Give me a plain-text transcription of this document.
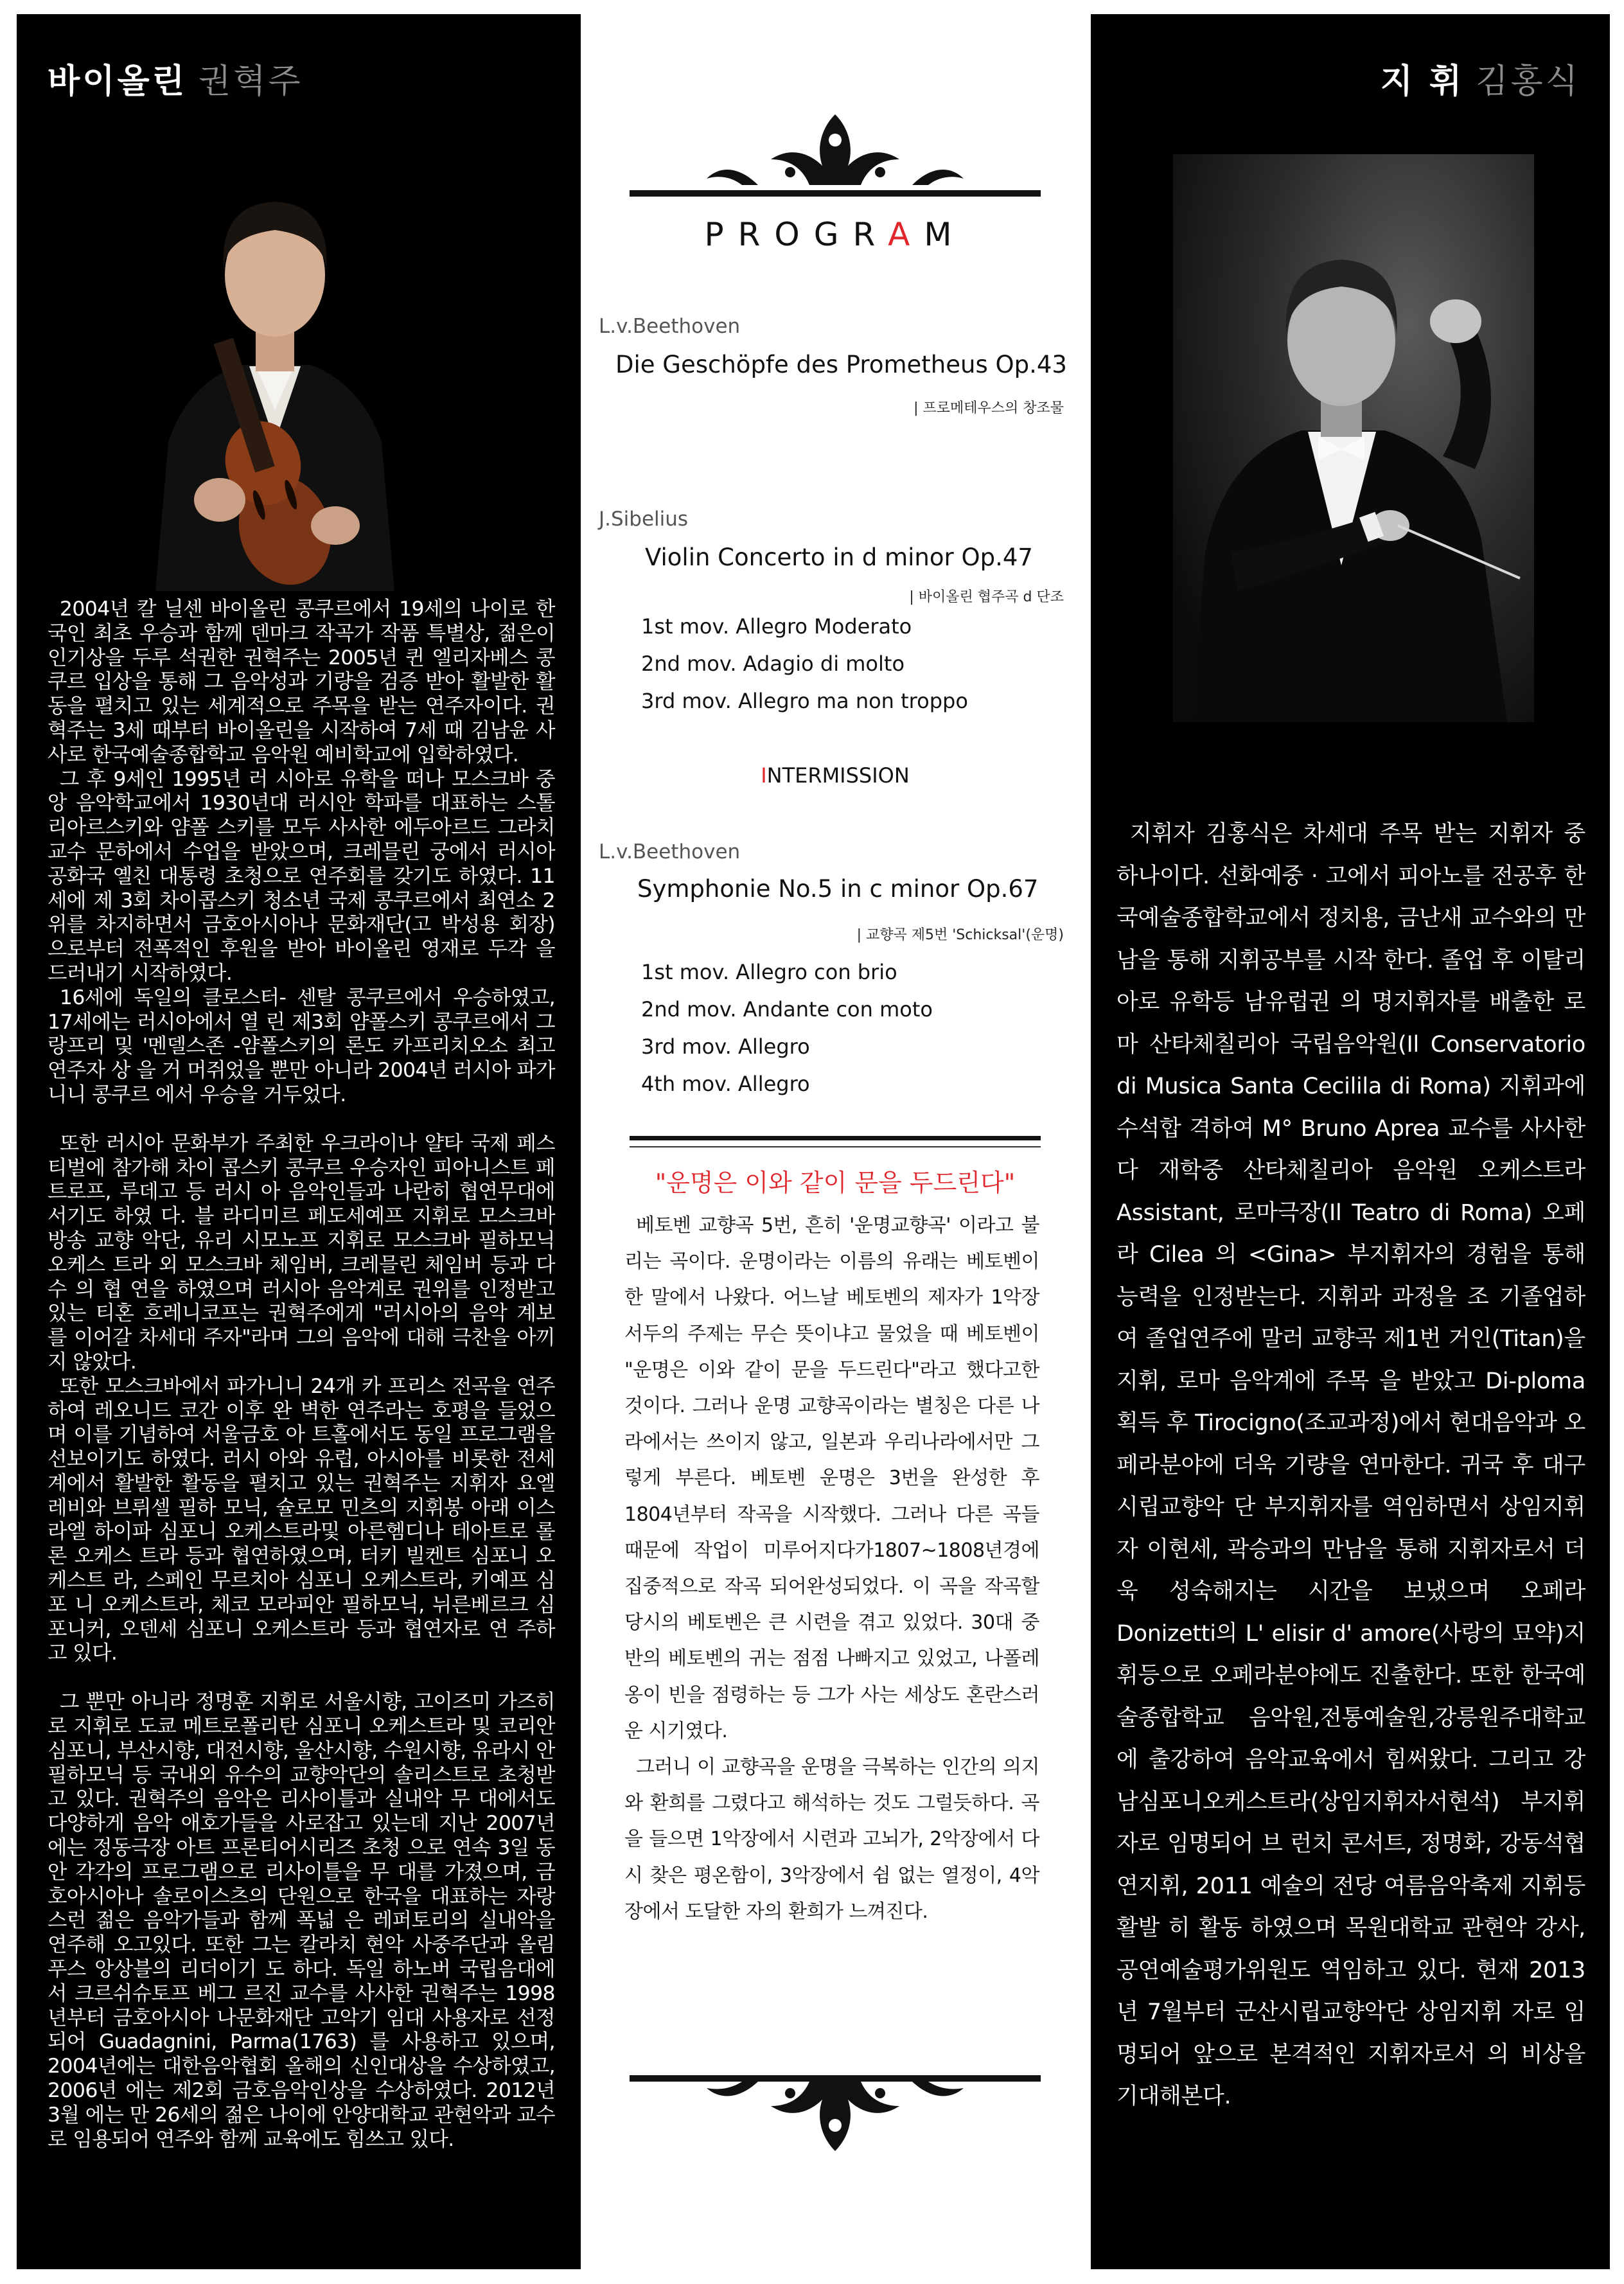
바이올린 권혁주

2004년 칼 닐센 바이올린 콩쿠르에서 19세의 나이로 한국인 최초 우승과 함께 덴마크 작곡가 작품 특별상, 젊은이 인기상을 두루 석권한 권혁주는 2005년 퀸 엘리자베스 콩쿠르 입상을 통해 그 음악성과 기량을 검증 받아 활발한 활동을 펼치고 있는 세계적으로 주목을 받는 연주자이다. 권혁주는 3세 때부터 바이올린을 시작하여 7세 때 김남윤 사사로 한국예술종합학교 음악원 예비학교에 입학하였다.

그 후 9세인 1995년 러 시아로 유학을 떠나 모스크바 중앙 음악학교에서 1930년대 러시안 학파를 대표하는 스톨리아르스키와 얌폴 스키를 모두 사사한 에두아르드 그라치 교수 문하에서 수업을 받았으며, 크레믈린 궁에서 러시아 공화국 옐친 대통령 초청으로 연주회를 갖기도 하였다. 11세에 제 3회 차이콥스키 청소년 국제 콩쿠르에서 최연소 2위를 차지하면서 금호아시아나 문화재단(고 박성용 회장) 으로부터 전폭적인 후원을 받아 바이올린 영재로 두각 을 드러내기 시작하였다.

16세에 독일의 클로스터- 센탈 콩쿠르에서 우승하였고, 17세에는 러시아에서 열 린 제3회 얌폴스키 콩쿠르에서 그랑프리 및 '멘델스존 -얌폴스키의 론도 카프리치오소 최고 연주자 상 을 거 머쥐었을 뿐만 아니라 2004년 러시아 파가니니 콩쿠르 에서 우승을 거두었다.

또한 러시아 문화부가 주최한 우크라이나 얄타 국제 페스티벌에 참가해 차이 콥스키 콩쿠르 우승자인 피아니스트 페트로프, 루데고 등 러시 아 음악인들과 나란히 협연무대에 서기도 하였 다. 블 라디미르 페도세예프 지휘로 모스크바 방송 교향 악단, 유리 시모노프 지휘로 모스크바 필하모닉 오케스 트라 외 모스크바 체임버, 크레믈린 체임버 등과 다수 의 협 연을 하였으며 러시아 음악계로 권위를 인정받고 있는 티혼 흐레니코프는 권혁주에게 "러시아의 음악 계보 를 이어갈 차세대 주자"라며 그의 음악에 대해 극찬을 아끼지 않았다.

또한 모스크바에서 파가니니 24개 카 프리스 전곡을 연주하여 레오니드 코간 이후 완 벽한 연주라는 호평을 들었으며 이를 기념하여 서울금호 아 트홀에서도 동일 프로그램을 선보이기도 하였다. 러시 아와 유럽, 아시아를 비롯한 전세계에서 활발한 활동을 펼치고 있는 권혁주는 지휘자 요엘 레비와 브뤼셀 필하 모닉, 슐로모 민츠의 지휘봉 아래 이스라엘 하이파 심포니 오케스트라및 아른헴디나 테아트로 롤론 오케스 트라 등과 협연하였으며, 터키 빌켄트 심포니 오케스트 라, 스페인 무르치아 심포니 오케스트라, 키예프 심포 니 오케스트라, 체코 모라피안 필하모닉, 뉘른베르크 심포니커, 오덴세 심포니 오케스트라 등과 협연자로 연 주하고 있다.

그 뿐만 아니라 정명훈 지휘로 서울시향, 고이즈미 가즈히로 지휘로 도쿄 메트로폴리탄 심포니 오케스트라 및 코리안 심포니, 부산시향, 대전시향, 울산시향, 수원시향, 유라시 안 필하모닉 등 국내외 유수의 교향악단의 솔리스트로 초청받고 있다. 권혁주의 음악은 리사이틀과 실내악 무 대에서도 다양하게 음악 애호가들을 사로잡고 있는데 지난 2007년에는 정동극장 아트 프론티어시리즈 초청 으로 연속 3일 동안 각각의 프로그램으로 리사이틀을 무 대를 가졌으며, 금호아시아나 솔로이스츠의 단원으로 한국을 대표하는 자랑스런 젊은 음악가들과 함께 폭넓 은 레퍼토리의 실내악을 연주해 오고있다. 또한 그는 칼라치 현악 사중주단과 올림푸스 앙상블의 리더이기 도 하다. 독일 하노버 국립음대에서 크르쉬슈토프 베그 르진 교수를 사사한 권혁주는 1998년부터 금호아시아 나문화재단 고악기 임대 사용자로 선정되어 Guadagnini, Parma(1763) 를 사용하고 있으며, 2004년에는 대한음악협회 올해의 신인대상을 수상하였고, 2006년 에는 제2회 금호음악인상을 수상하였다. 2012년 3월 에는 만 26세의 젊은 나이에 안양대학교 관현악과 교수로 임용되어 연주와 함께 교육에도 힘쓰고 있다.

PROGRAM
L.v.Beethoven
Die Geschöpfe des Prometheus Op.43
| 프로메테우스의 창조물
J.Sibelius
Violin Concerto in d minor Op.47
| 바이올린 협주곡 d 단조
1st mov. Allegro Moderato
2nd mov. Adagio di molto
3rd mov. Allegro ma non troppo
INTERMISSION
L.v.Beethoven
Symphonie No.5 in c minor Op.67
| 교향곡 제5번 'Schicksal'(운명)
1st mov. Allegro con brio
2nd mov. Andante con moto
3rd mov. Allegro
4th mov. Allegro
"운명은 이와 같이 문을 두드린다"

베토벤 교향곡 5번, 흔히 '운명교향곡' 이라고 불리는 곡이다. 운명이라는 이름의 유래는 베토벤이 한 말에서 나왔다. 어느날 베토벤의 제자가 1악장 서두의 주제는 무슨 뜻이냐고 물었을 때 베토벤이 "운명은 이와 같이 문을 두드린다"라고 했다고한 것이다. 그러나 운명 교향곡이라는 별칭은 다른 나라에서는 쓰이지 않고, 일본과 우리나라에서만 그렇게 부른다. 베토벤 운명은 3번을 완성한 후 1804년부터 작곡을 시작했다. 그러나 다른 곡들 때문에 작업이 미루어지다가1807~1808년경에 집중적으로 작곡 되어완성되었다. 이 곡을 작곡할 당시의 베토벤은 큰 시련을 겪고 있었다. 30대 중반의 베토벤의 귀는 점점 나빠지고 있었고, 나폴레옹이 빈을 점령하는 등 그가 사는 세상도 혼란스러운 시기였다.

그러니 이 교향곡을 운명을 극복하는 인간의 의지와 환희를 그렸다고 해석하는 것도 그럴듯하다. 곡을 들으면 1악장에서 시련과 고뇌가, 2악장에서 다시 찾은 평온함이, 3악장에서 쉼 없는 열정이, 4악장에서 도달한 자의 환희가 느껴진다.

지 휘 김홍식

지휘자 김홍식은 차세대 주목 받는 지휘자 중 하나이다. 선화예중 · 고에서 피아노를 전공후 한국예술종합학교에서 정치용, 금난새 교수와의 만남을 통해 지휘공부를 시작 한다. 졸업 후 이탈리아로 유학등 남유럽권 의 명지휘자를 배출한 로마 산타체칠리아 국립음악원(Il Conservatorio di Musica Santa Cecilila di Roma) 지휘과에 수석합 격하여 M° Bruno Aprea 교수를 사사한다 재학중 산타체칠리아 음악원 오케스트라 Assistant, 로마극장(Il Teatro di Roma) 오페라 Cilea 의 <Gina> 부지휘자의 경험을 통해 능력을 인정받는다. 지휘과 과정을 조 기졸업하여 졸업연주에 말러 교향곡 제1번 거인(Titan)을지휘, 로마 음악계에 주목 을 받았고 Di-ploma획득 후 Tirocigno(조교과정)에서 현대음악과 오페라분야에 더욱 기량을 연마한다. 귀국 후 대구시립교향악 단 부지휘자를 역임하면서 상임지휘자 이현세, 곽승과의 만남을 통해 지휘자로서 더욱 성숙해지는 시간을 보냈으며 오페라 Donizetti의 L' elisir d' amore(사랑의 묘약)지 휘등으로 오페라분야에도 진출한다. 또한 한국예술종합학교 음악원,전통예술원,강릉원주대학교에 출강하여 음악교육에서 힘써왔다. 그리고 강남심포니오케스트라(상임지휘자서현석) 부지휘자로 임명되어 브 런치 콘서트, 정명화, 강동석협연지휘, 2011 예술의 전당 여름음악축제 지휘등 활발 히 활동 하였으며 목원대학교 관현악 강사, 공연예술평가위원도 역임하고 있다. 현재 2013년 7월부터 군산시립교향악단 상임지휘 자로 임명되어 앞으로 본격적인 지휘자로서 의 비상을 기대해본다.
